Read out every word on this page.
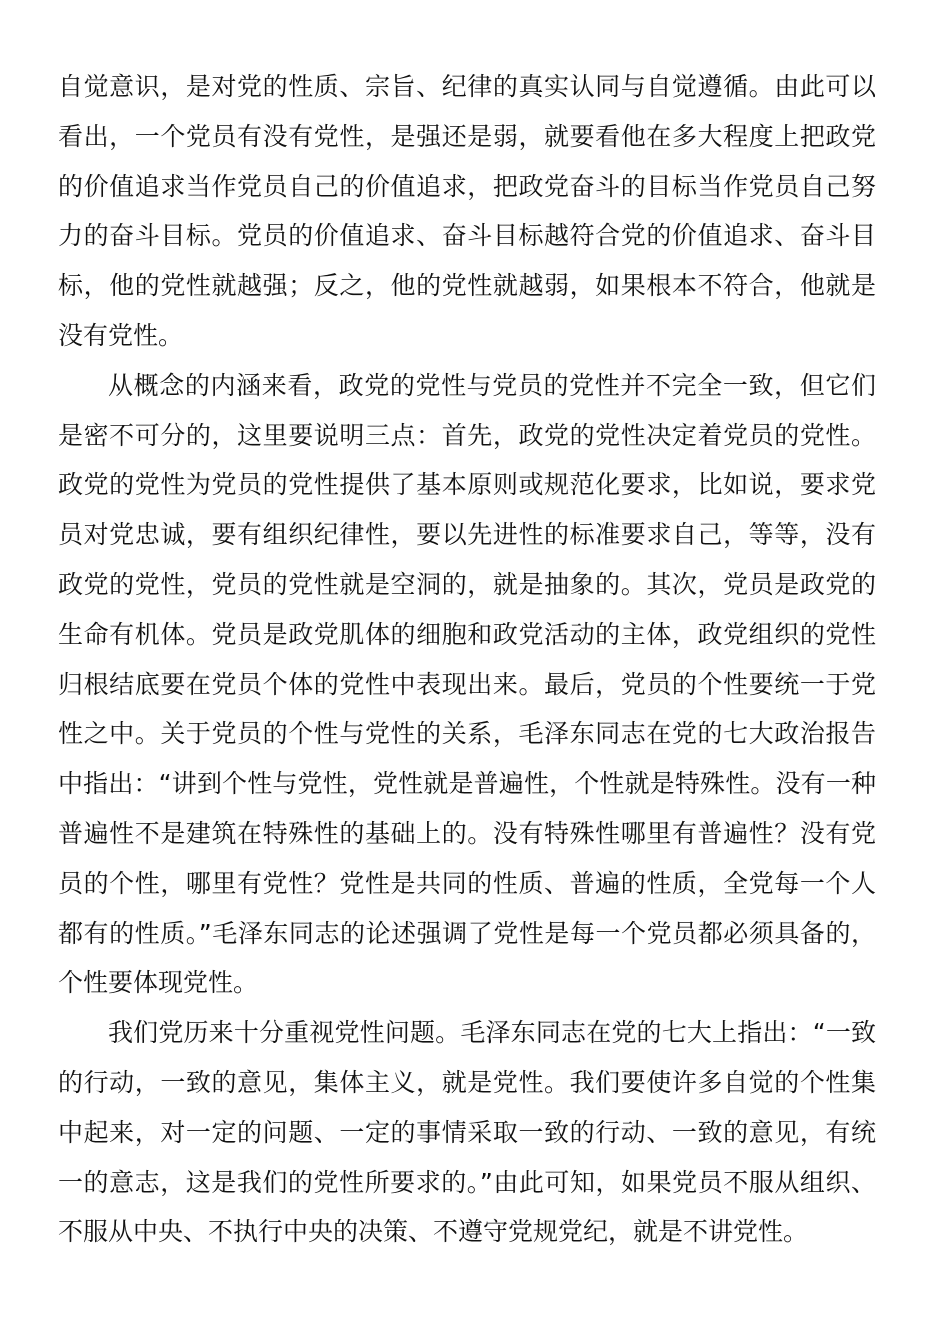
自觉意识，是对党的性质、宗旨、纪律的真实认同与自觉遵循。由此可以看出，一个党员有没有党性，是强还是弱，就要看他在多大程度上把政党的价值追求当作党员自己的价值追求，把政党奋斗的目标当作党员自己努力的奋斗目标。党员的价值追求、奋斗目标越符合党的价值追求、奋斗目标，他的党性就越强；反之，他的党性就越弱，如果根本不符合，他就是没有党性。

从概念的内涵来看，政党的党性与党员的党性并不完全一致，但它们是密不可分的，这里要说明三点：首先，政党的党性决定着党员的党性。政党的党性为党员的党性提供了基本原则或规范化要求，比如说，要求党员对党忠诚，要有组织纪律性，要以先进性的标准要求自己，等等，没有政党的党性，党员的党性就是空洞的，就是抽象的。其次，党员是政党的生命有机体。党员是政党肌体的细胞和政党活动的主体，政党组织的党性归根结底要在党员个体的党性中表现出来。最后，党员的个性要统一于党性之中。关于党员的个性与党性的关系，毛泽东同志在党的七大政治报告中指出：“讲到个性与党性，党性就是普遍性，个性就是特殊性。没有一种普遍性不是建筑在特殊性的基础上的。没有特殊性哪里有普遍性？没有党员的个性，哪里有党性？党性是共同的性质、普遍的性质，全党每一个人都有的性质。”毛泽东同志的论述强调了党性是每一个党员都必须具备的，个性要体现党性。

我们党历来十分重视党性问题。毛泽东同志在党的七大上指出：“一致的行动，一致的意见，集体主义，就是党性。我们要使许多自觉的个性集中起来，对一定的问题、一定的事情采取一致的行动、一致的意见，有统一的意志，这是我们的党性所要求的。”由此可知，如果党员不服从组织、不服从中央、不执行中央的决策、不遵守党规党纪，就是不讲党性。
